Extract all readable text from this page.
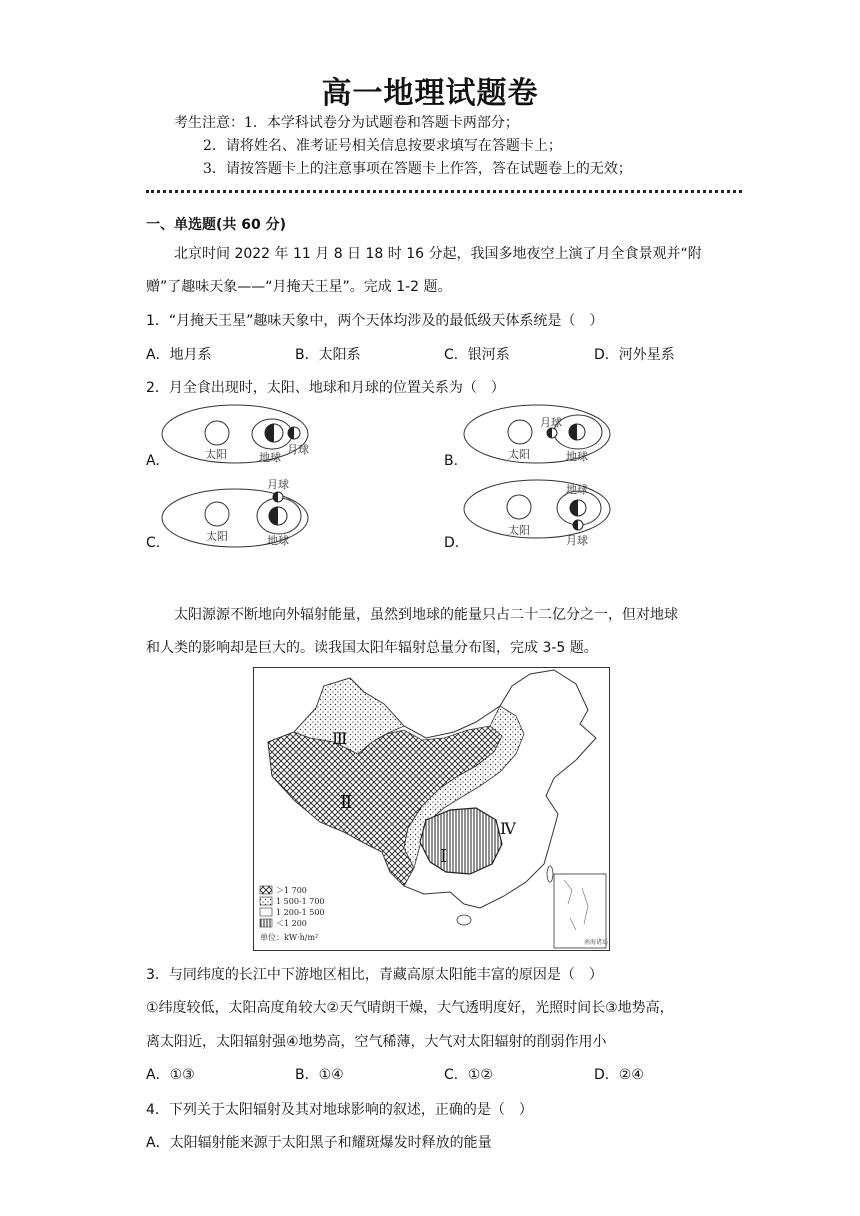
高一地理试题卷
考生注意：1．本学科试卷分为试题卷和答题卡两部分；
2．请将姓名、准考证号相关信息按要求填写在答题卡上；
3．请按答题卡上的注意事项在答题卡上作答，答在试题卷上的无效；
一、单选题(共 60 分)
北京时间 2022 年 11 月 8 日 18 时 16 分起，我国多地夜空上演了月全食景观并“附
赠”了趣味天象——“月掩天王星”。完成 1-2 题。
1．“月掩天王星”趣味天象中，两个天体均涉及的最低级天体系统是（　）
A．地月系	B．太阳系	C．银河系	D．河外星系
2．月全食出现时，太阳、地球和月球的位置关系为（　）
A.	太阳	地球
月球
B.	太阳	地球
月球
C.	太阳	地球
月球
D.
太阳
地球
月球
太阳源源不断地向外辐射能量，虽然到地球的能量只占二十二亿分之一，但对地球
和人类的影响却是巨大的。读我国太阳年辐射总量分布图，完成 3-5 题。
南海诸岛
Ⅰ
Ⅱ
Ⅲ
Ⅳ
＞1 700
1 500-1 700
1 200-1 500
＜1 200
单位：kW·h/m²
3．与同纬度的长江中下游地区相比，青藏高原太阳能丰富的原因是（　）
①纬度较低，太阳高度角较大②天气晴朗干燥，大气透明度好，光照时间长③地势高，
离太阳近，太阳辐射强④地势高，空气稀薄，大气对太阳辐射的削弱作用小
A．①③	B．①④	C．①②	D．②④
4．下列关于太阳辐射及其对地球影响的叙述，正确的是（　）
A．太阳辐射能来源于太阳黑子和耀斑爆发时释放的能量
